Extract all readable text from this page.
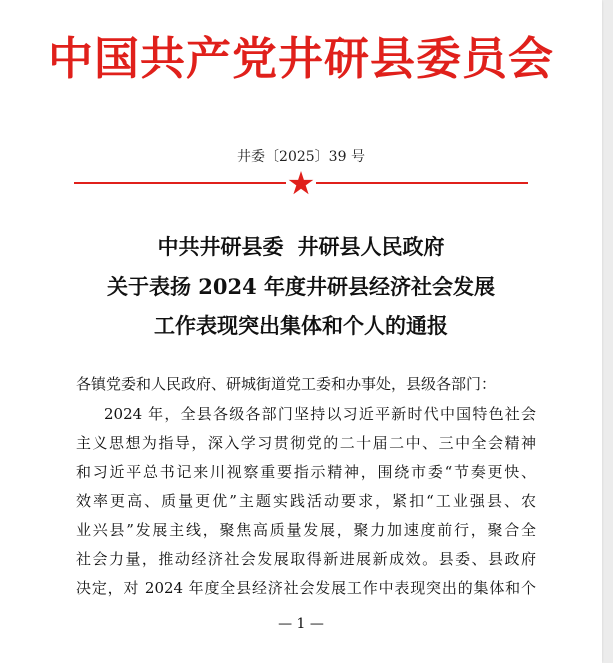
中国共产党井研县委员会
井委〔2025〕39 号
中共井研县委 井研县人民政府
关于表扬 2024 年度井研县经济社会发展
工作表现突出集体和个人的通报
各镇党委和人民政府、研城街道党工委和办事处，县级各部门：
2024 年，全县各级各部门坚持以习近平新时代中国特色社会
主义思想为指导，深入学习贯彻党的二十届二中、三中全会精神
和习近平总书记来川视察重要指示精神，围绕市委“节奏更快、
效率更高、质量更优”主题实践活动要求，紧扣“工业强县、农
业兴县”发展主线，聚焦高质量发展，聚力加速度前行，聚合全
社会力量，推动经济社会发展取得新进展新成效。县委、县政府
决定，对 2024 年度全县经济社会发展工作中表现突出的集体和个
— 1 —
